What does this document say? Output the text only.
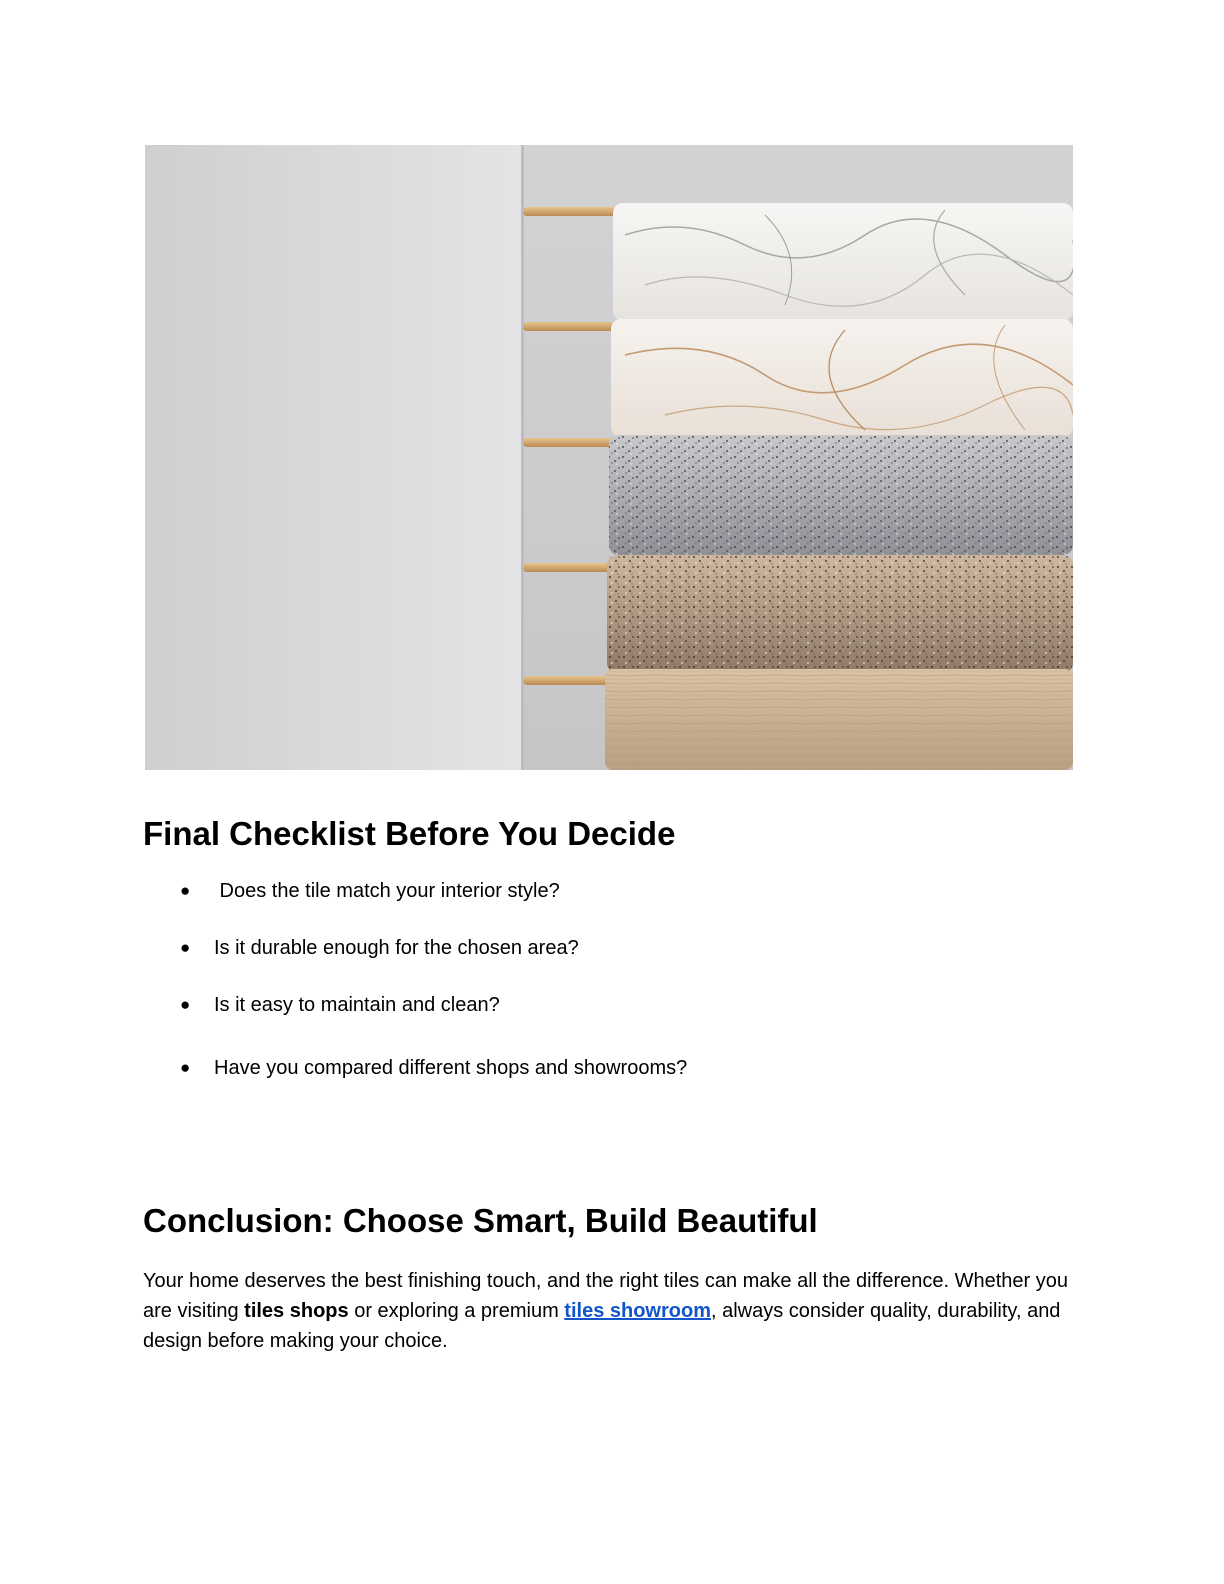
Final Checklist Before You Decide
● Does the tile match your interior style?
● Is it durable enough for the chosen area?
● Is it easy to maintain and clean?
● Have you compared different shops and showrooms?
Conclusion: Choose Smart, Build Beautiful

Your home deserves the best finishing touch, and the right tiles can make all the difference. Whether you are visiting tiles shops or exploring a premium tiles showroom, always consider quality, durability, and design before making your choice.
